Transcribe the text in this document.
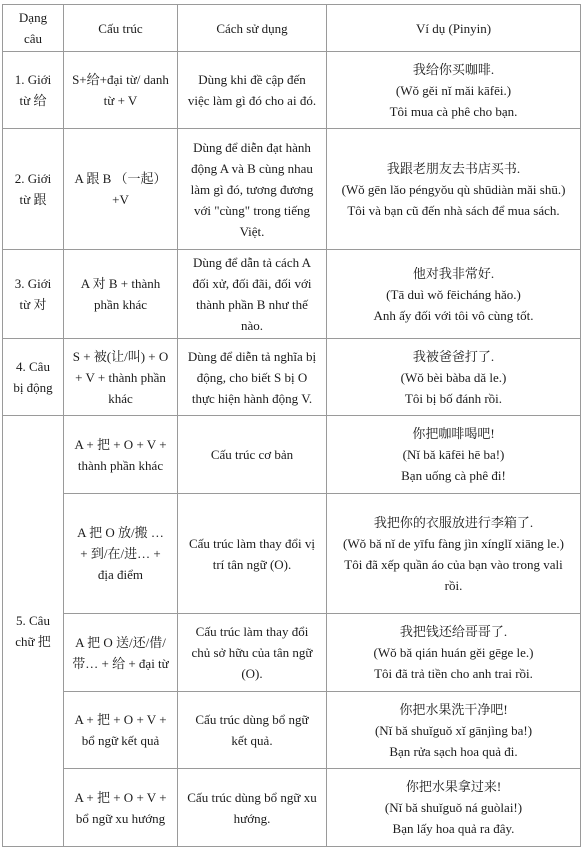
Dạng câu	Cấu trúc	Cách sử dụng	Ví dụ (Pinyin)
1. Giới từ 给	S+给+đại từ/ danh từ + V	Dùng khi đề cập đến việc làm gì đó cho ai đó.	我给你买咖啡.
(Wǒ gěi nǐ mǎi kāfēi.)
Tôi mua cà phê cho bạn.

2. Giới từ 跟	A 跟 B （一起）+V	Dùng để diễn đạt hành động A và B cùng nhau làm gì đó, tương đương với "cùng" trong tiếng Việt.	我跟老朋友去书店买书.
(Wǒ gēn lǎo péngyǒu qù shūdiàn mǎi shū.)
Tôi và bạn cũ đến nhà sách để mua sách.

3. Giới từ 对	A 对 B + thành phần khác	Dùng để dẫn tả cách A đối xử, đối đãi, đối với thành phần B như thế nào.	他对我非常好.
(Tā duì wǒ fēicháng hǎo.)
Anh ấy đối với tôi vô cùng tốt.

4. Câu bị động	S + 被(让/叫) + O + V + thành phần khác	Dùng để diễn tả nghĩa bị động, cho biết S bị O thực hiện hành động V.	我被爸爸打了.
(Wǒ bèi bàba dǎ le.)
Tôi bị bố đánh rồi.

5. Câu chữ 把	A + 把 + O + V + thành phần khác	Cấu trúc cơ bản	你把咖啡喝吧!
(Nǐ bǎ kāfēi hē ba!)
Bạn uống cà phê đi!

	A 把 O 放/搬 … + 到/在/进… + địa điểm	Cấu trúc làm thay đổi vị trí tân ngữ (O).	我把你的衣服放进行李箱了.
(Wǒ bǎ nǐ de yīfu fàng jìn xínglǐ xiāng le.)
Tôi đã xếp quần áo của bạn vào trong vali rồi.

	A 把 O 送/还/借/带… + 给 + đại từ	Cấu trúc làm thay đổi chủ sở hữu của tân ngữ (O).	我把钱还给哥哥了.
(Wǒ bǎ qián huán gěi gēge le.)
Tôi đã trả tiền cho anh trai rồi.

	A + 把 + O + V + bổ ngữ kết quả	Cấu trúc dùng bổ ngữ kết quả.	你把水果洗干净吧!
(Nǐ bǎ shuǐguǒ xǐ gānjìng ba!)
Bạn rửa sạch hoa quả đi.

	A + 把 + O + V + bổ ngữ xu hướng	Cấu trúc dùng bổ ngữ xu hướng.	你把水果拿过来!
(Nǐ bǎ shuǐguǒ ná guòlai!)
Bạn lấy hoa quả ra đây.
